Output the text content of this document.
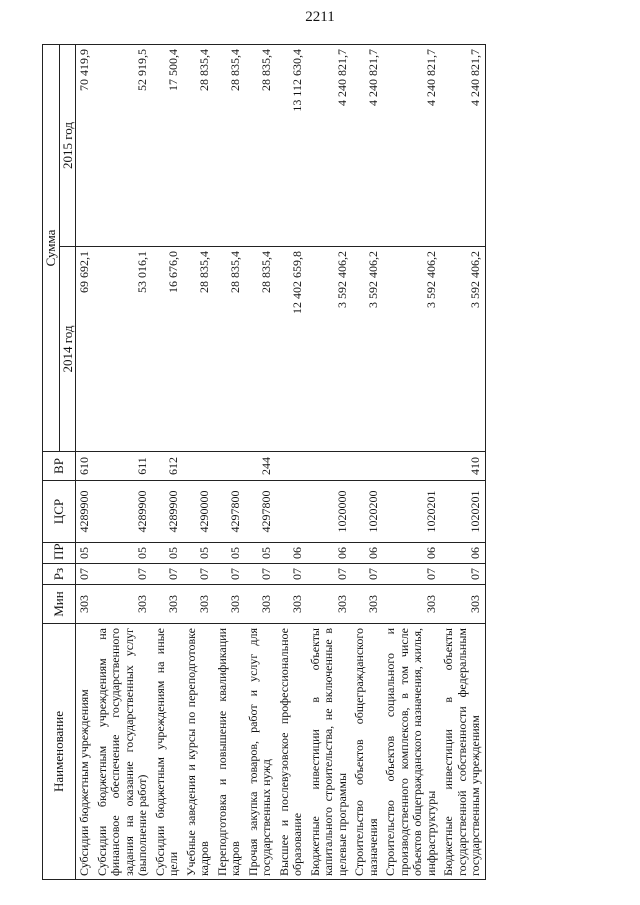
2211
Наименование	Мин	Рз	ПР	ЦСР	ВР	Сумма	
						2014 год	2015 год
Субсидии бюджетным учреждениям	303	07	05	4289900	610	69 692,1	70 419,9
Субсидии бюджетным учреждениям на финансовое обеспечение государственного задания на оказание государственных услуг (выполнение работ)	303	07	05	4289900	611	53 016,1	52 919,5
Субсидии бюджетным учреждениям на иные цели	303	07	05	4289900	612	16 676,0	17 500,4
Учебные заведения и курсы по переподготовке кадров	303	07	05	4290000		28 835,4	28 835,4
Переподготовка и повышение квалификации кадров	303	07	05	4297800		28 835,4	28 835,4
Прочая закупка товаров, работ и услуг для государственных нужд	303	07	05	4297800	244	28 835,4	28 835,4
Высшее и послевузовское профессиональное образование	303	07	06			12 402 659,8	13 112 630,4
Бюджетные инвестиции в объекты капитального строительства, не включенные в целевые программы	303	07	06	1020000		3 592 406,2	4 240 821,7
Строительство объектов общегражданского назначения	303	07	06	1020200		3 592 406,2	4 240 821,7
Строительство объектов социального и производственного комплексов, в том числе объектов общегражданского назначения, жилья, инфраструктуры	303	07	06	1020201		3 592 406,2	4 240 821,7
Бюджетные инвестиции в объекты государственной собственности федеральным государственным учреждениям	303	07	06	1020201	410	3 592 406,2	4 240 821,7
